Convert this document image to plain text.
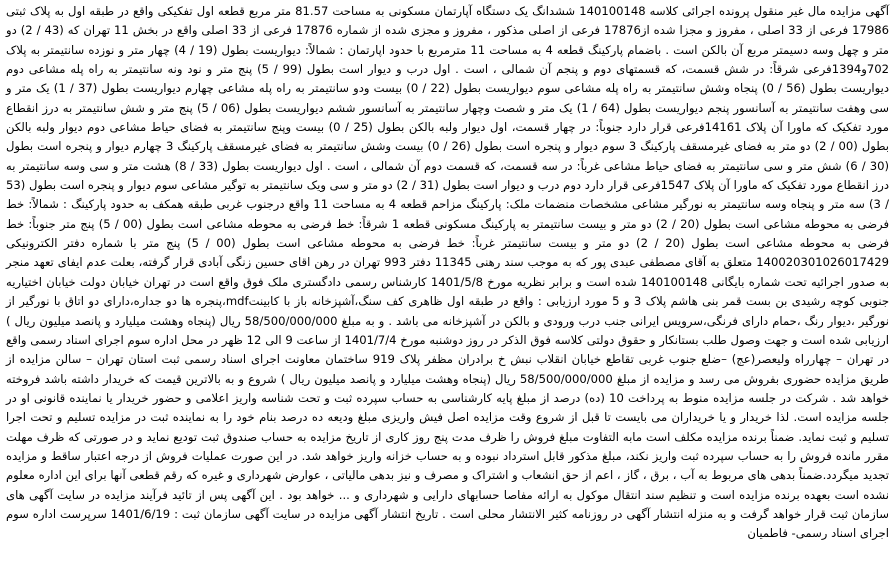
آگهی مزایده مال غیر منقول پرونده اجرائی کلاسه 140100148 ششدانگ یک دستگاه آپارتمان مسکونی به مساحت 81.57 متر مربع قطعه اول تفکیکی واقع در طبقه اول به پلاک ثبتی 17986 فرعی از 33 اصلی ، مفروز و مجزا شده از17876 فرعی از اصلی مذکور ، مفروز و مجزی شده از شماره 17876 فرعی از 33 اصلی واقع در بخش 11 تهران که (43 / 2) دو متر و چهل وسه دسیمتر مربع آن بالکن است . باضمام پارکینگ قطعه 4 به مساحت 11 مترمربع با حدود اپارتمان : شمالاً: دیواریست بطول (19 / 4) چهار متر و نوزده سانتیمتر به پلاک 702و1394فرعی شرقاً: در شش قسمت، که قسمتهای دوم و پنجم آن شمالی ، است . اول درب و دیوار است بطول (99 / 5) پنج متر و نود ونه سانتیمتر به راه پله مشاعی دوم دیواریست بطول (56 / 0) پنجاه وشش سانتیمتر به راه پله مشاعی سوم دیواریست بطول (22 / 0) بیست ودو سانتیمتر به راه پله مشاعی چهارم دیواریست بطول (37 / 1) یک متر و سی وهفت سانتیمتر به آسانسور پنجم دیواریست بطول (64 / 1) یک متر و شصت وچهار سانتیمتر به آسانسور ششم دیواریست بطول (06 / 5) پنج متر و شش سانتیمتر به درز انقطاع مورد تفکیک که ماورا آن پلاک 14161فرعی قرار دارد جنوباً: در چهار قسمت، اول دیوار ولبه بالکن بطول (25 / 0) بیست وپنج سانتیمتر به فضای حیاط مشاعی دوم دیوار ولبه بالکن بطول (00 / 2) دو متر به فضای غیرمسقف پارکینگ 3 سوم دیوار و پنجره است بطول (26 / 0) بیست وشش سانتیمتر به فضای غیرمسقف پارکینگ 3 چهارم دیوار و پنجره است بطول (30 / 6) شش متر و سی سانتیمتر به فضای حیاط مشاعی غرباً: در سه قسمت، که قسمت دوم آن شمالی ، است . اول دیواریست بطول (33 / 8) هشت متر و سی وسه سانتیمتر به درز انقطاع مورد تفکیک که ماورا آن پلاک 1547فرعی قرار دارد دوم درب و دیوار است بطول (31 / 2) دو متر و سی ویک سانتیمتر به توگیر مشاعی سوم دیوار و پنجره است بطول (53 / 3) سه متر و پنجاه وسه سانتیمتر به نورگیر مشاعی مشخصات منضمات ملک: پارکینگ مزاحم قطعه 4 به مساحت 11 واقع درجنوب غربی طبقه همکف به حدود پارکینگ : شمالاً: خط فرضی به محوطه مشاعی است بطول (20 / 2) دو متر و بیست سانتیمتر به پارکینگ مسکونی قطعه 1 شرقاً: خط فرضی به محوطه مشاعی است بطول (00 / 5) پنج متر جنوباً: خط فرضی به محوطه مشاعی است بطول (20 / 2) دو متر و بیست سانتیمتر غرباً: خط فرضی به محوطه مشاعی است بطول (00 / 5) پنج متر با شماره دفتر الکترونیکی 140020301026017429 متعلق به آقای مصطفی عبدی پور که به موجب سند رهنی 11345 دفتر 993 تهران در رهن اقای حسین زنگی آبادی قرار گرفته، بعلت عدم ایفای تعهد منجر به صدور اجرائیه تحت شماره بایگانی 140100148 شده است و برابر نظریه مورخ 1401/5/8 کارشناس رسمی دادگستری ملک فوق واقع است در تهران خیابان دولت خیابان اختیاریه جنوبی کوچه رشیدی بن بست قمر بنی هاشم پلاک 3 و 5 مورد ارزیابی : واقع در طبقه اول ظاهری کف سنگ،آشپزخانه باز با کابینتmdf،پنجره ها دو جداره،دارای دو اتاق با نورگیر از نورگیر ،دیوار رنگ ،حمام دارای فرنگی،سرویس ایرانی جنب درب ورودی و بالکن در آشپزخانه می باشد . و به مبلغ 58/500/000/000 ریال (پنجاه وهشت میلیارد و پانصد میلیون ریال ) ارزیابی شده است و جهت وصول طلب بستانکار و حقوق دولتی کلاسه فوق الذکر در روز دوشنبه مورخ 1401/7/4 از ساعت 9 الی 12 ظهر در محل اداره سوم اجرای اسناد رسمی واقع در تهران – چهارراه ولیعصر(عج) –ضلع جنوب غربی تقاطع خیابان انقلاب نبش خ برادران مظفر پلاک 919 ساختمان معاونت اجرای اسناد رسمی ثبت استان تهران – سالن مزایده از طریق مزایده حضوری بفروش می رسد و مزایده از مبلغ 58/500/000/000 ریال (پنجاه وهشت میلیارد و پانصد میلیون ریال ) شروع و به بالاترین قیمت که خریدار داشته باشد فروخته خواهد شد . شرکت در جلسه مزایده منوط به پرداخت 10 (ده) درصد از مبلغ پایه کارشناسی به حساب سپرده ثبت و تحت شناسه واریز اعلامی و حضور خریدار یا نماینده قانونی او در جلسه مزایده است. لذا خریدار و یا خریداران می بایست تا قبل از شروع وقت مزایده اصل فیش واریزی مبلغ ودیعه ده درصد بنام خود را به نماینده ثبت در مزایده تسلیم و تحت اجرا تسلیم و ثبت نماید. ضمناً برنده مزایده مکلف است مابه التفاوت مبلغ فروش را ظرف مدت پنج روز کاری از تاریخ مزایده به حساب صندوق ثبت تودیع نماید و در صورتی که ظرف مهلت مقرر مانده فروش را به حساب سپرده ثبت واریز نکند، مبلغ مذکور قابل استرداد نبوده و به حساب خزانه واریز خواهد شد. در این صورت عملیات فروش از درجه اعتبار ساقط و مزایده تجدید میگردد.ضمناً بدهی های مربوط به آب ، برق ، گاز ، اعم از حق انشعاب و اشتراک و مصرف و نیز بدهی مالیاتی ، عوارض شهرداری و غیره که رقم قطعی آنها برای این اداره معلوم نشده است بعهده برنده مزایده است و تنظیم سند انتقال موکول به ارائه مفاصا حسابهای دارایی و شهرداری و ... خواهد بود . این آگهی پس از تائید فرآیند مزایده در سایت آگهی های سازمان ثبت قرار خواهد گرفت و به منزله انتشار آگهی در روزنامه کثیر الانتشار محلی است . تاریخ انتشار آگهی مزایده در سایت آگهی سازمان ثبت : 1401/6/19 سرپرست اداره سوم اجرای اسناد رسمی- فاطمیان
